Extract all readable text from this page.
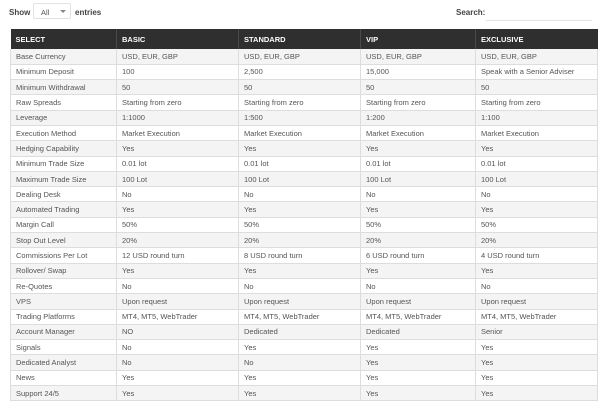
Show All	entries	Search:
SELECT	BASIC	STANDARD	VIP	EXCLUSIVE
Base Currency	USD, EUR, GBP	USD, EUR, GBP	USD, EUR, GBP	USD, EUR, GBP
Minimum Deposit	100	2,500	15,000	Speak with a Senior Adviser
Minimum Withdrawal	50	50	50	50
Raw Spreads	Starting from zero	Starting from zero	Starting from zero	Starting from zero
Leverage	1:1000	1:500	1:200	1:100
Execution Method	Market Execution	Market Execution	Market Execution	Market Execution
Hedging Capability	Yes	Yes	Yes	Yes
Minimum Trade Size	0.01 lot	0.01 lot	0.01 lot	0.01 lot
Maximum Trade Size	100 Lot	100 Lot	100 Lot	100 Lot
Dealing Desk	No	No	No	No
Automated Trading	Yes	Yes	Yes	Yes
Margin Call	50%	50%	50%	50%
Stop Out Level	20%	20%	20%	20%
Commissions Per Lot	12 USD round turn	8 USD round turn	6 USD round turn	4 USD round turn
Rollover/ Swap	Yes	Yes	Yes	Yes
Re-Quotes	No	No	No	No
VPS	Upon request	Upon request	Upon request	Upon request
Trading Platforms	MT4, MT5, WebTrader	MT4, MT5, WebTrader	MT4, MT5, WebTrader	MT4, MT5, WebTrader
Account Manager	NO	Dedicated	Dedicated	Senior
Signals	No	Yes	Yes	Yes
Dedicated Analyst	No	No	Yes	Yes
News	Yes	Yes	Yes	Yes
Support 24/5	Yes	Yes	Yes	Yes
